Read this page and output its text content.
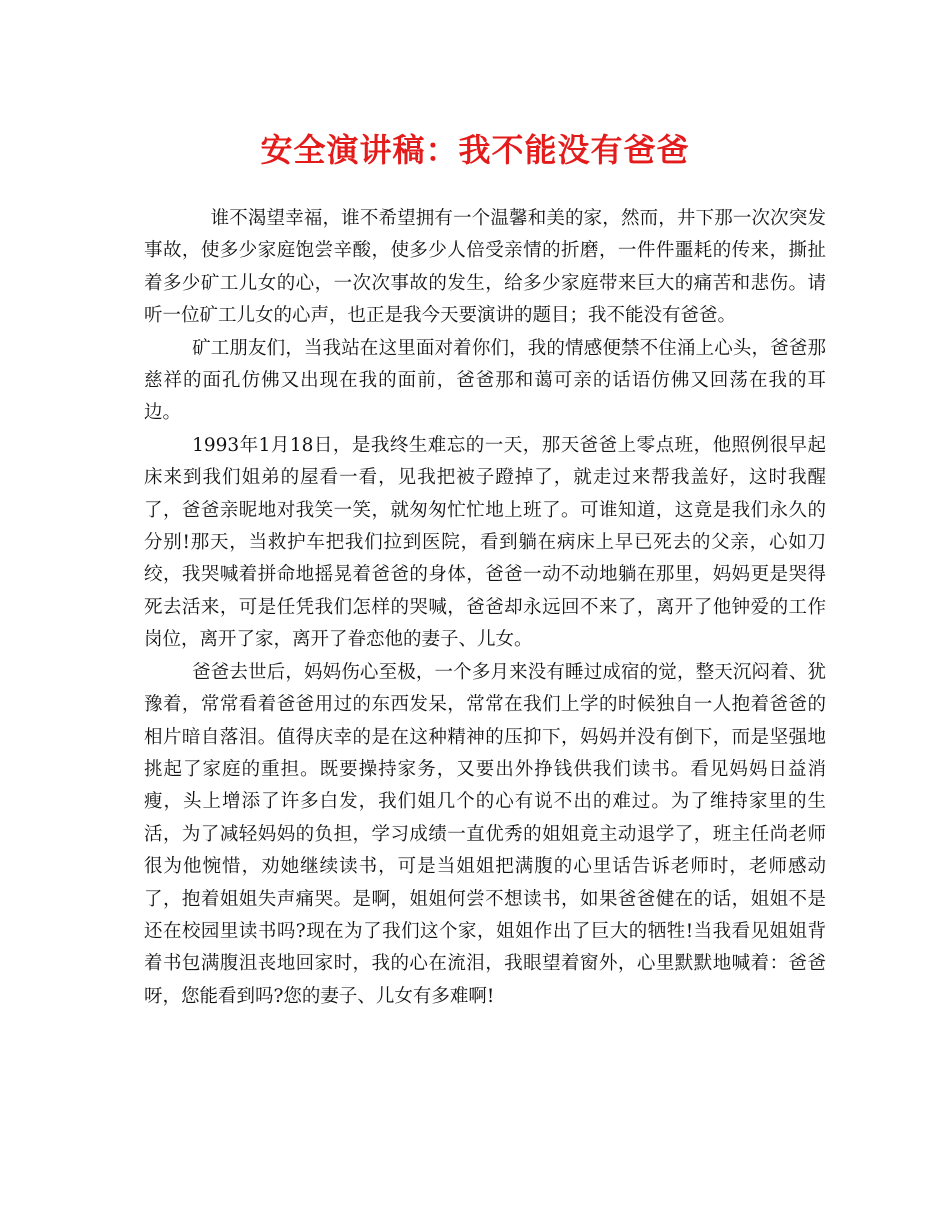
安全演讲稿：我不能没有爸爸

谁不渴望幸福，谁不希望拥有一个温馨和美的家，然而，井下那一次次突发事故，使多少家庭饱尝辛酸，使多少人倍受亲情的折磨，一件件噩耗的传来，撕扯着多少矿工儿女的心，一次次事故的发生，给多少家庭带来巨大的痛苦和悲伤。请听一位矿工儿女的心声，也正是我今天要演讲的题目；我不能没有爸爸。

矿工朋友们，当我站在这里面对着你们，我的情感便禁不住涌上心头，爸爸那慈祥的面孔仿佛又出现在我的面前，爸爸那和蔼可亲的话语仿佛又回荡在我的耳边。

1993年1月18日，是我终生难忘的一天，那天爸爸上零点班，他照例很早起床来到我们姐弟的屋看一看，见我把被子蹬掉了，就走过来帮我盖好，这时我醒了，爸爸亲昵地对我笑一笑，就匆匆忙忙地上班了。可谁知道，这竟是我们永久的分别!那天，当救护车把我们拉到医院，看到躺在病床上早已死去的父亲，心如刀绞，我哭喊着拼命地摇晃着爸爸的身体，爸爸一动不动地躺在那里，妈妈更是哭得死去活来，可是任凭我们怎样的哭喊，爸爸却永远回不来了，离开了他钟爱的工作岗位，离开了家，离开了眷恋他的妻子、儿女。

爸爸去世后，妈妈伤心至极，一个多月来没有睡过成宿的觉，整天沉闷着、犹豫着，常常看着爸爸用过的东西发呆，常常在我们上学的时候独自一人抱着爸爸的相片暗自落泪。值得庆幸的是在这种精神的压抑下，妈妈并没有倒下，而是坚强地挑起了家庭的重担。既要操持家务，又要出外挣钱供我们读书。看见妈妈日益消瘦，头上增添了许多白发，我们姐几个的心有说不出的难过。为了维持家里的生活，为了减轻妈妈的负担，学习成绩一直优秀的姐姐竟主动退学了，班主任尚老师很为他惋惜，劝她继续读书，可是当姐姐把满腹的心里话告诉老师时，老师感动了，抱着姐姐失声痛哭。是啊，姐姐何尝不想读书，如果爸爸健在的话，姐姐不是还在校园里读书吗?现在为了我们这个家，姐姐作出了巨大的牺牲!当我看见姐姐背着书包满腹沮丧地回家时，我的心在流泪，我眼望着窗外，心里默默地喊着：爸爸呀，您能看到吗?您的妻子、儿女有多难啊!
